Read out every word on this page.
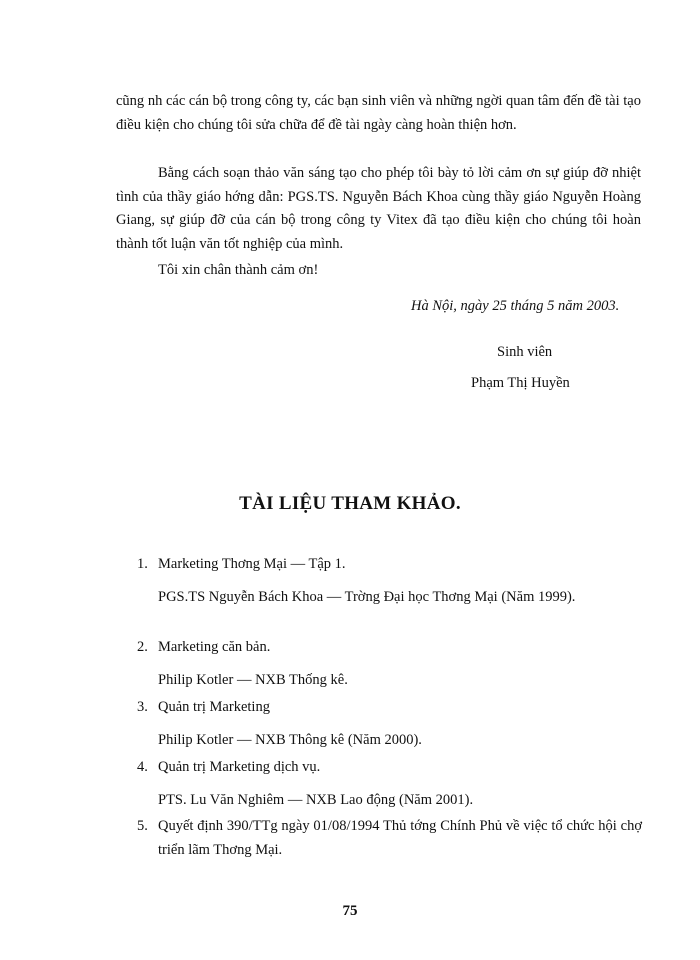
cũng nh các cán bộ trong công ty, các bạn sinh viên và những ngời quan tâm đến đề tài tạo điều kiện cho chúng tôi sửa chữa để đề tài ngày càng hoàn thiện hơn.

Bằng cách soạn thảo văn sáng tạo cho phép tôi bày tỏ lời cảm ơn sự giúp đỡ nhiệt tình của thầy giáo hớng dẫn: PGS.TS. Nguyễn Bách Khoa cùng thầy giáo Nguyễn Hoàng Giang, sự giúp đỡ của cán bộ trong công ty Vitex đã tạo điều kiện cho chúng tôi hoàn thành tốt luận văn tốt nghiệp của mình.

Tôi xin chân thành cảm ơn!

Hà Nội, ngày 25 tháng 5 năm 2003.

Sinh viên

Phạm Thị Huyền

TÀI LIỆU THAM KHẢO.
1. Marketing Thơng Mại — Tập 1.
PGS.TS Nguyễn Bách Khoa — Trờng Đại học Thơng Mại (Năm 1999).
2. Marketing căn bản.
Philip Kotler — NXB Thống kê.
3. Quản trị Marketing
Philip Kotler — NXB Thông kê (Năm 2000).
4. Quản trị Marketing dịch vụ.
PTS. Lu Văn Nghiêm — NXB Lao động (Năm 2001).
5. Quyết định 390/TTg ngày 01/08/1994 Thủ tớng Chính Phủ về việc tổ chức hội chợ triển lãm Thơng Mại.

75
